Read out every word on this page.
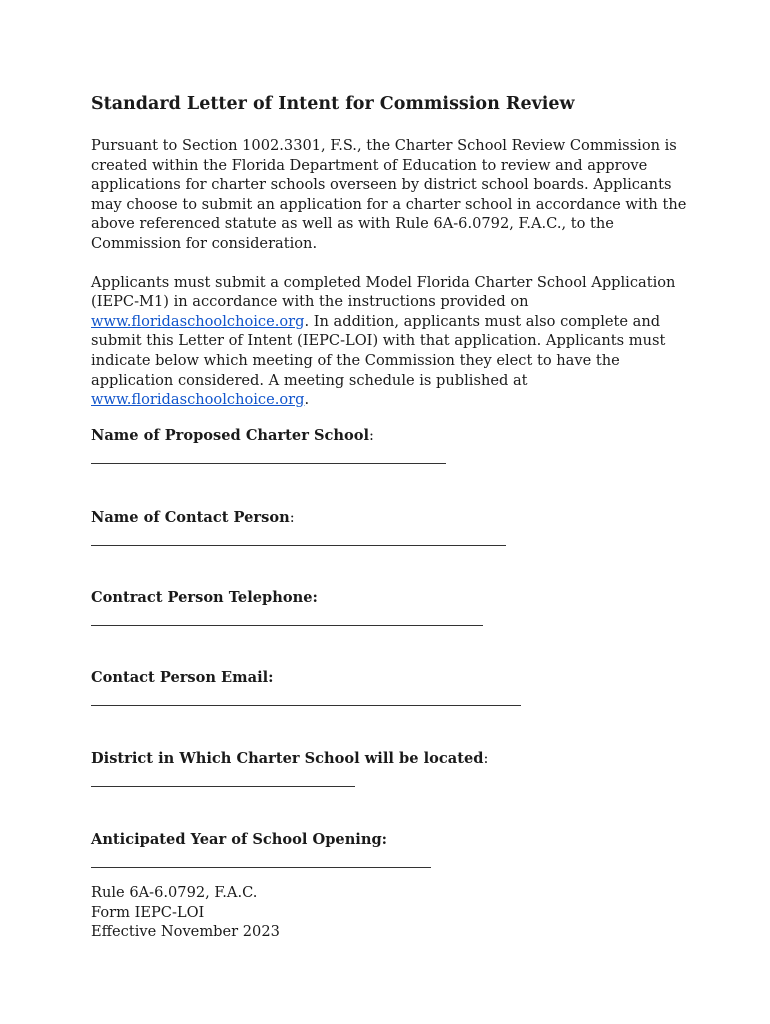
Standard Letter of Intent for Commission Review

Pursuant to Section 1002.3301, F.S., the Charter School Review Commission is created within the Florida Department of Education to review and approve applications for charter schools overseen by district school boards. Applicants may choose to submit an application for a charter school in accordance with the above referenced statute as well as with Rule 6A-6.0792, F.A.C., to the Commission for consideration.

Applicants must submit a completed Model Florida Charter School Application (IEPC-M1) in accordance with the instructions provided on www.floridaschoolchoice.org. In addition, applicants must also complete and submit this Letter of Intent (IEPC-LOI) with that application. Applicants must indicate below which meeting of the Commission they elect to have the application considered. A meeting schedule is published at www.floridaschoolchoice.org.

Name of Proposed Charter School:
Name of Contact Person:
Contract Person Telephone:
Contact Person Email:
District in Which Charter School will be located:
Anticipated Year of School Opening:
Rule 6A-6.0792, F.A.C.
Form IEPC-LOI
Effective November 2023
